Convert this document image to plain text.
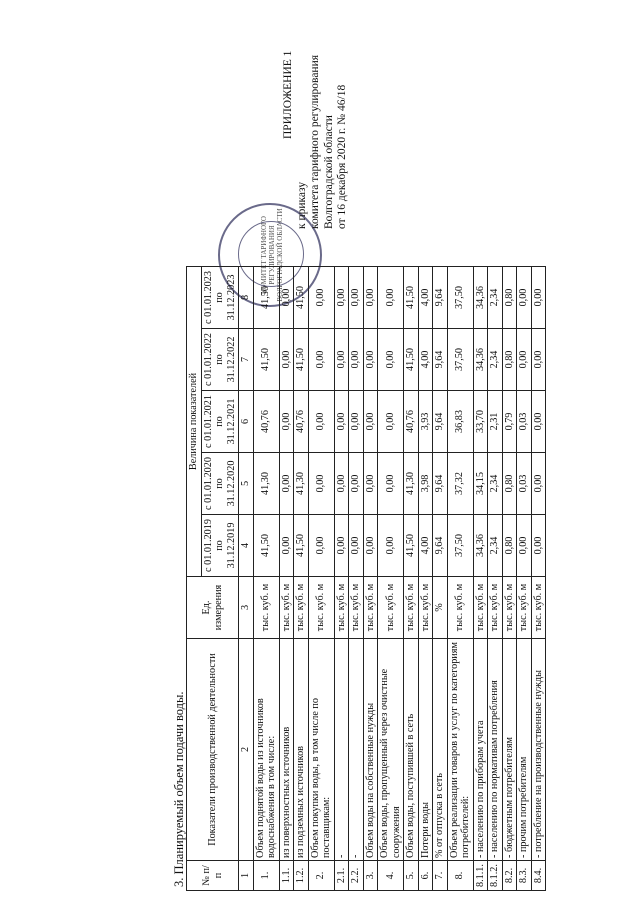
КОМИТЕТ ТАРИФНОГО РЕГУЛИРОВАНИЯ ВОЛГОГРАДСКОЙ ОБЛАСТИ
ПРИЛОЖЕНИЕ 1
к приказу комитета тарифного регулирования Волгоградской области от 16 декабря 2020 г. № 46/18
3. Планируемый объем подачи воды. № п/п	Показатели производственной деятельности	Ед. измерения	Величина показателей				
			с 01.01.2019 по 31.12.2019	с 01.01.2020 по 31.12.2020	с 01.01.2021 по 31.12.2021	с 01.01.2022 по 31.12.2022	с 01.01.2023 по 31.12.2023
1	2	3	4	5	6	7	8
1.	Объем поднятой воды из источников водоснабжения в том числе:	тыс. куб. м	41,50	41,30	40,76	41,50	41,50
1.1.	из поверхностных источников	тыс. куб. м	0,00	0,00	0,00	0,00	0,00
1.2.	из подземных источников	тыс. куб. м	41,50	41,30	40,76	41,50	41,50
2.	Объем покупки воды, в том числе по поставщикам:	тыс. куб. м	0,00	0,00	0,00	0,00	0,00
2.1.	-	тыс. куб. м	0,00	0,00	0,00	0,00	0,00
2.2.	-	тыс. куб. м	0,00	0,00	0,00	0,00	0,00
3.	Объем воды на собственные нужды	тыс. куб. м	0,00	0,00	0,00	0,00	0,00
4.	Объем воды, пропущенный через очистные сооружения	тыс. куб. м	0,00	0,00	0,00	0,00	0,00
5.	Объем воды, поступившей в сеть	тыс. куб. м	41,50	41,30	40,76	41,50	41,50
6.	Потери воды	тыс. куб. м	4,00	3,98	3,93	4,00	4,00
7.	% от отпуска в сеть	%	9,64	9,64	9,64	9,64	9,64
8.	Объем реализации товаров и услуг по категориям потребителей:	тыс. куб. м	37,50	37,32	36,83	37,50	37,50
8.1.1.	- населению по приборам учета	тыс. куб. м	34,36	34,15	33,70	34,36	34,36
8.1.2.	- населению по нормативам потребления	тыс. куб. м	2,34	2,34	2,31	2,34	2,34
8.2.	- бюджетным потребителям	тыс. куб. м	0,80	0,80	0,79	0,80	0,80
8.3.	- прочим потребителям	тыс. куб. м	0,00	0,03	0,03	0,00	0,00
8.4.	- потребление на производственные нужды	тыс. куб. м	0,00	0,00	0,00	0,00	0,00
